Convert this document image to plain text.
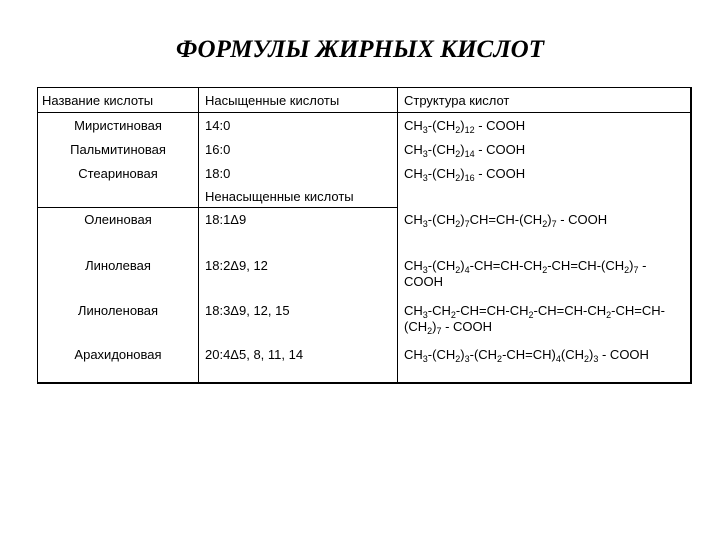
ФОРМУЛЫ ЖИРНЫХ КИСЛОТ
Название кислоты	Насыщенные кислоты	Структура кислот
Миристиновая	14:0	$CH_3-(CH_2)_{12}$ - COOH
Пальмитиновая	16:0	$CH_3-(CH_2)_{14}$ - COOH
Стеариновая	18:0	$CH_3-(CH_2)_{16}$ - COOH
Ненасыщенные кислоты
Олеиновая	18:1Δ9	$CH_3-(CH_2)_7CH=CH-(CH_2)_7$ - COOH
Линолевая	18:2Δ9, 12	$CH_3-(CH_2)_4-CH=CH-CH_2-CH=CH-(CH_2)_7$ - COOH
Линоленовая	18:3Δ9, 12, 15	$CH_3-CH_2-CH=CH-CH_2-CH=CH-CH_2-CH=CH-(CH_2)_7$ - COOH
Арахидоновая	20:4Δ5, 8, 11, 14	$CH_3-(CH_2)_3-(CH_2-CH=CH)_4(CH_2)_3$ - COOH
